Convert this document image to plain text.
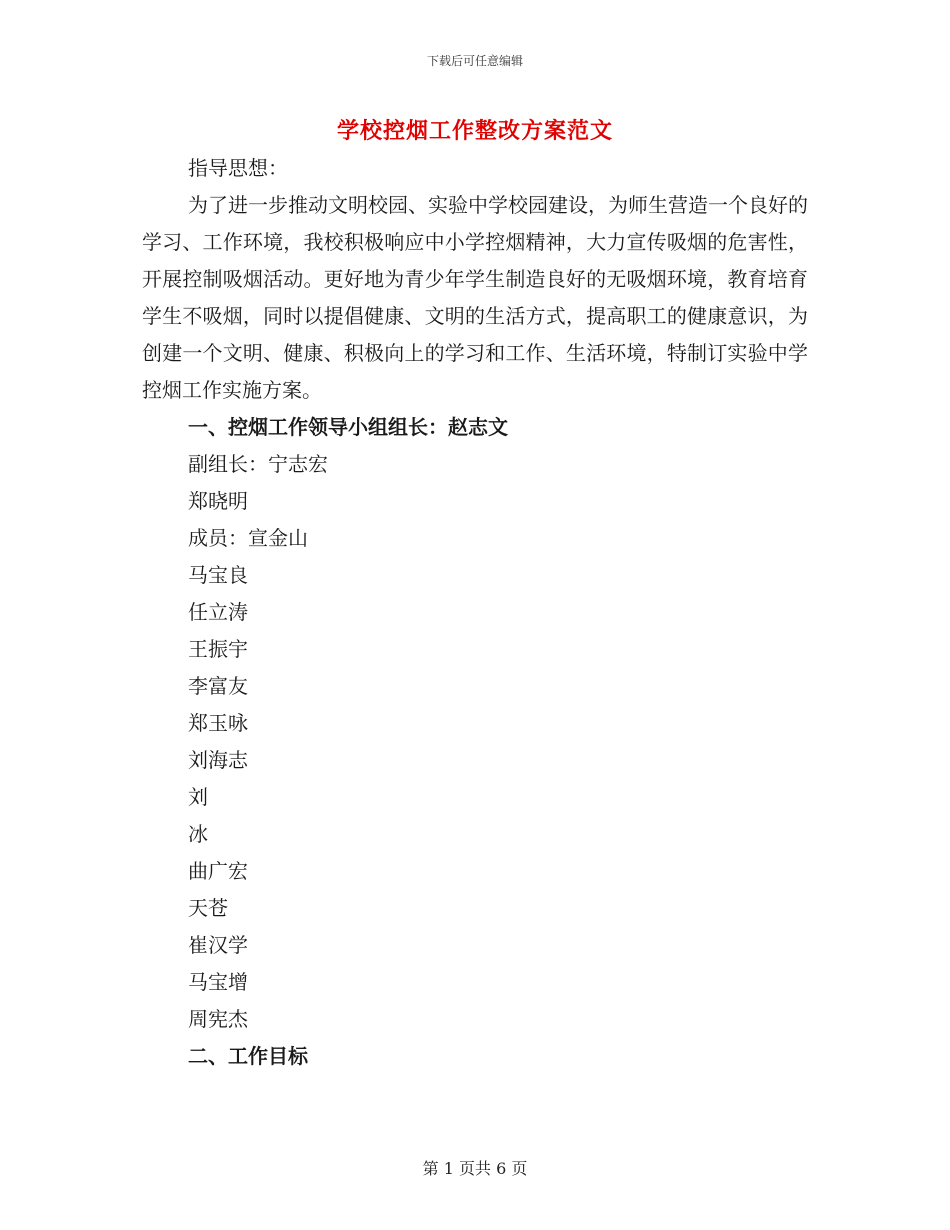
下载后可任意编辑
学校控烟工作整改方案范文

指导思想：

为了进一步推动文明校园、实验中学校园建设，为师生营造一个良好的学习、工作环境，我校积极响应中小学控烟精神，大力宣传吸烟的危害性，开展控制吸烟活动。更好地为青少年学生制造良好的无吸烟环境，教育培育学生不吸烟，同时以提倡健康、文明的生活方式，提高职工的健康意识，为创建一个文明、健康、积极向上的学习和工作、生活环境，特制订实验中学控烟工作实施方案。

一、控烟工作领导小组组长：赵志文

副组长：宁志宏

郑晓明

成员：宣金山

马宝良

任立涛

王振宇

李富友

郑玉咏

刘海志

刘

冰

曲广宏

天苍

崔汉学

马宝增

周宪杰

二、工作目标

第 1 页共 6 页
